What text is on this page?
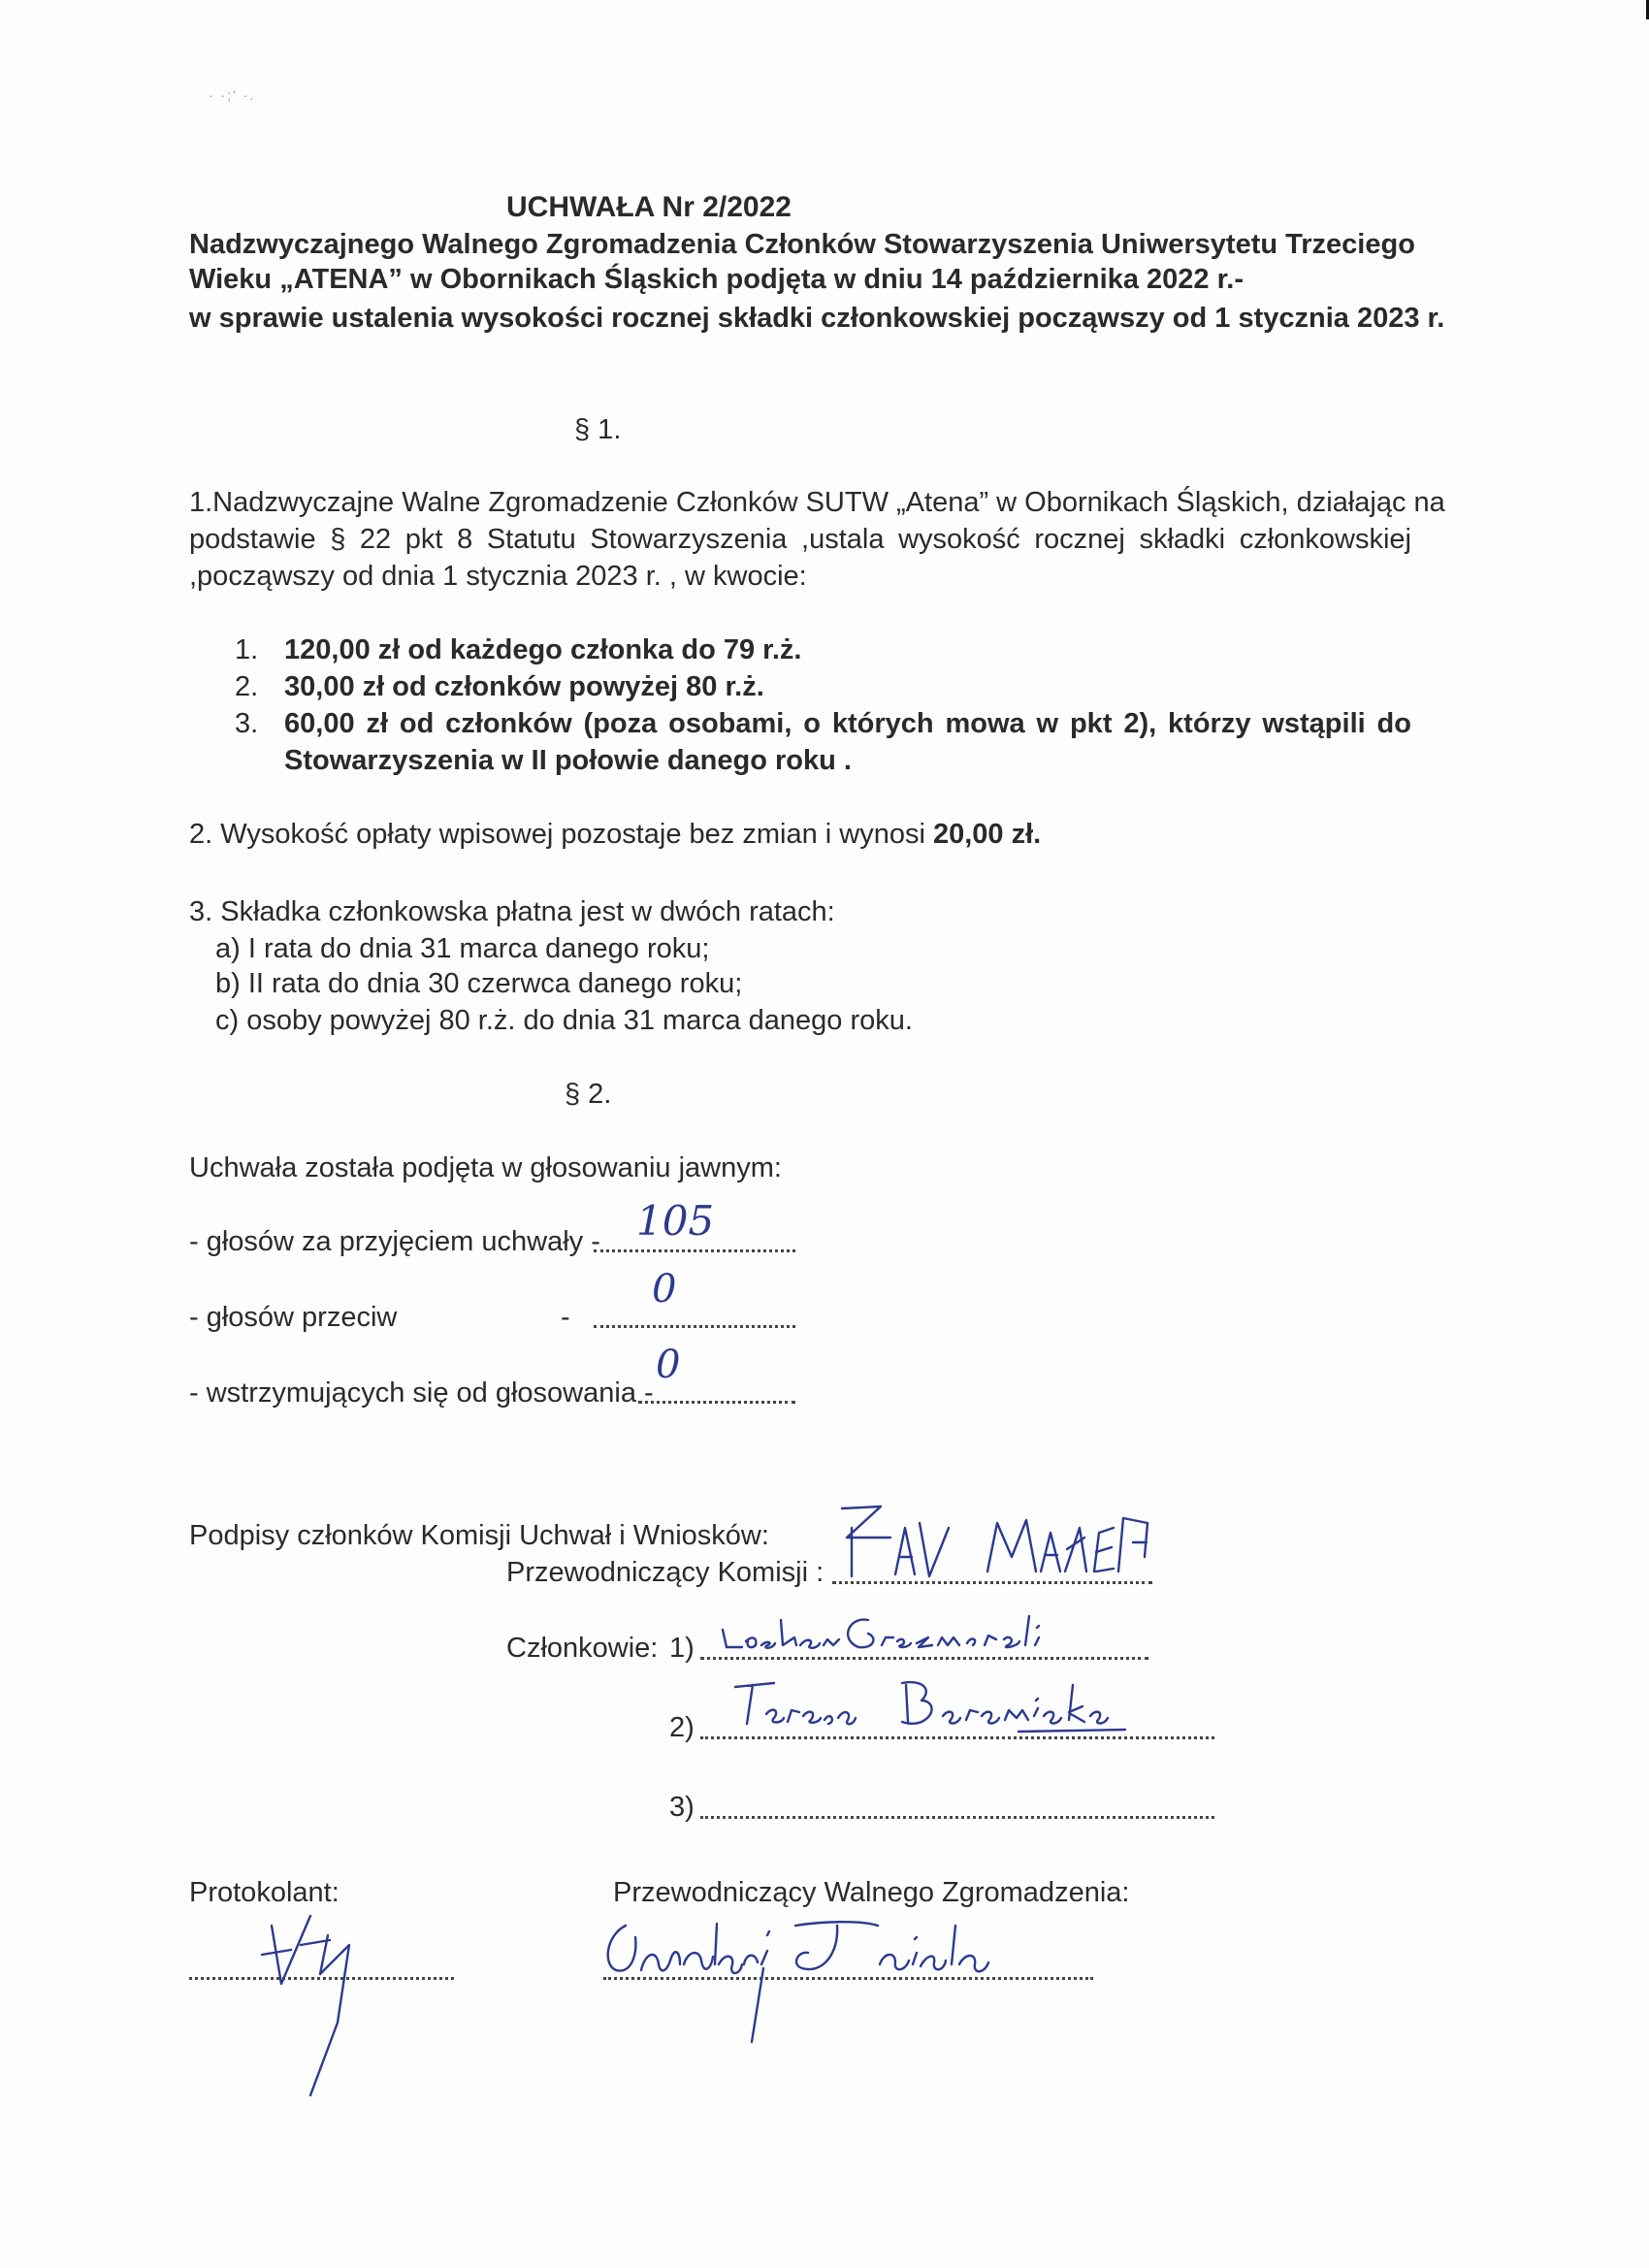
· ·;' ·.
UCHWAŁA Nr 2/2022
Nadzwyczajnego Walnego Zgromadzenia Członków Stowarzyszenia Uniwersytetu Trzeciego
Wieku „ATENA” w Obornikach Śląskich podjęta w dniu 14 października 2022 r.-
w sprawie ustalenia wysokości rocznej składki członkowskiej począwszy od 1 stycznia 2023 r.
§ 1.
1.Nadzwyczajne Walne Zgromadzenie Członków SUTW „Atena” w Obornikach Śląskich, działając na
podstawie § 22 pkt 8 Statutu Stowarzyszenia ,ustala wysokość rocznej składki członkowskiej
,począwszy od dnia 1 stycznia 2023 r. , w kwocie:
1. 120,00 zł od każdego członka do 79 r.ż.
2. 30,00 zł od członków powyżej 80 r.ż.
3. 60,00 zł od członków (poza osobami, o których mowa w pkt 2), którzy wstąpili do
Stowarzyszenia w II połowie danego roku .
2. Wysokość opłaty wpisowej pozostaje bez zmian i wynosi 20,00 zł.
3. Składka członkowska płatna jest w dwóch ratach:
a) I rata do dnia 31 marca danego roku;
b) II rata do dnia 30 czerwca danego roku;
c) osoby powyżej 80 r.ż. do dnia 31 marca danego roku.
§ 2.
Uchwała została podjęta w głosowaniu jawnym:
- głosów za przyjęciem uchwały - 105
- głosów przeciw	-
0
- wstrzymujących się od głosowania -
0
Podpisy członków Komisji Uchwał i Wniosków:
Przewodniczący Komisji :
Członkowie: 1)
2)
3)
Protokolant:	Przewodniczący Walnego Zgromadzenia:
